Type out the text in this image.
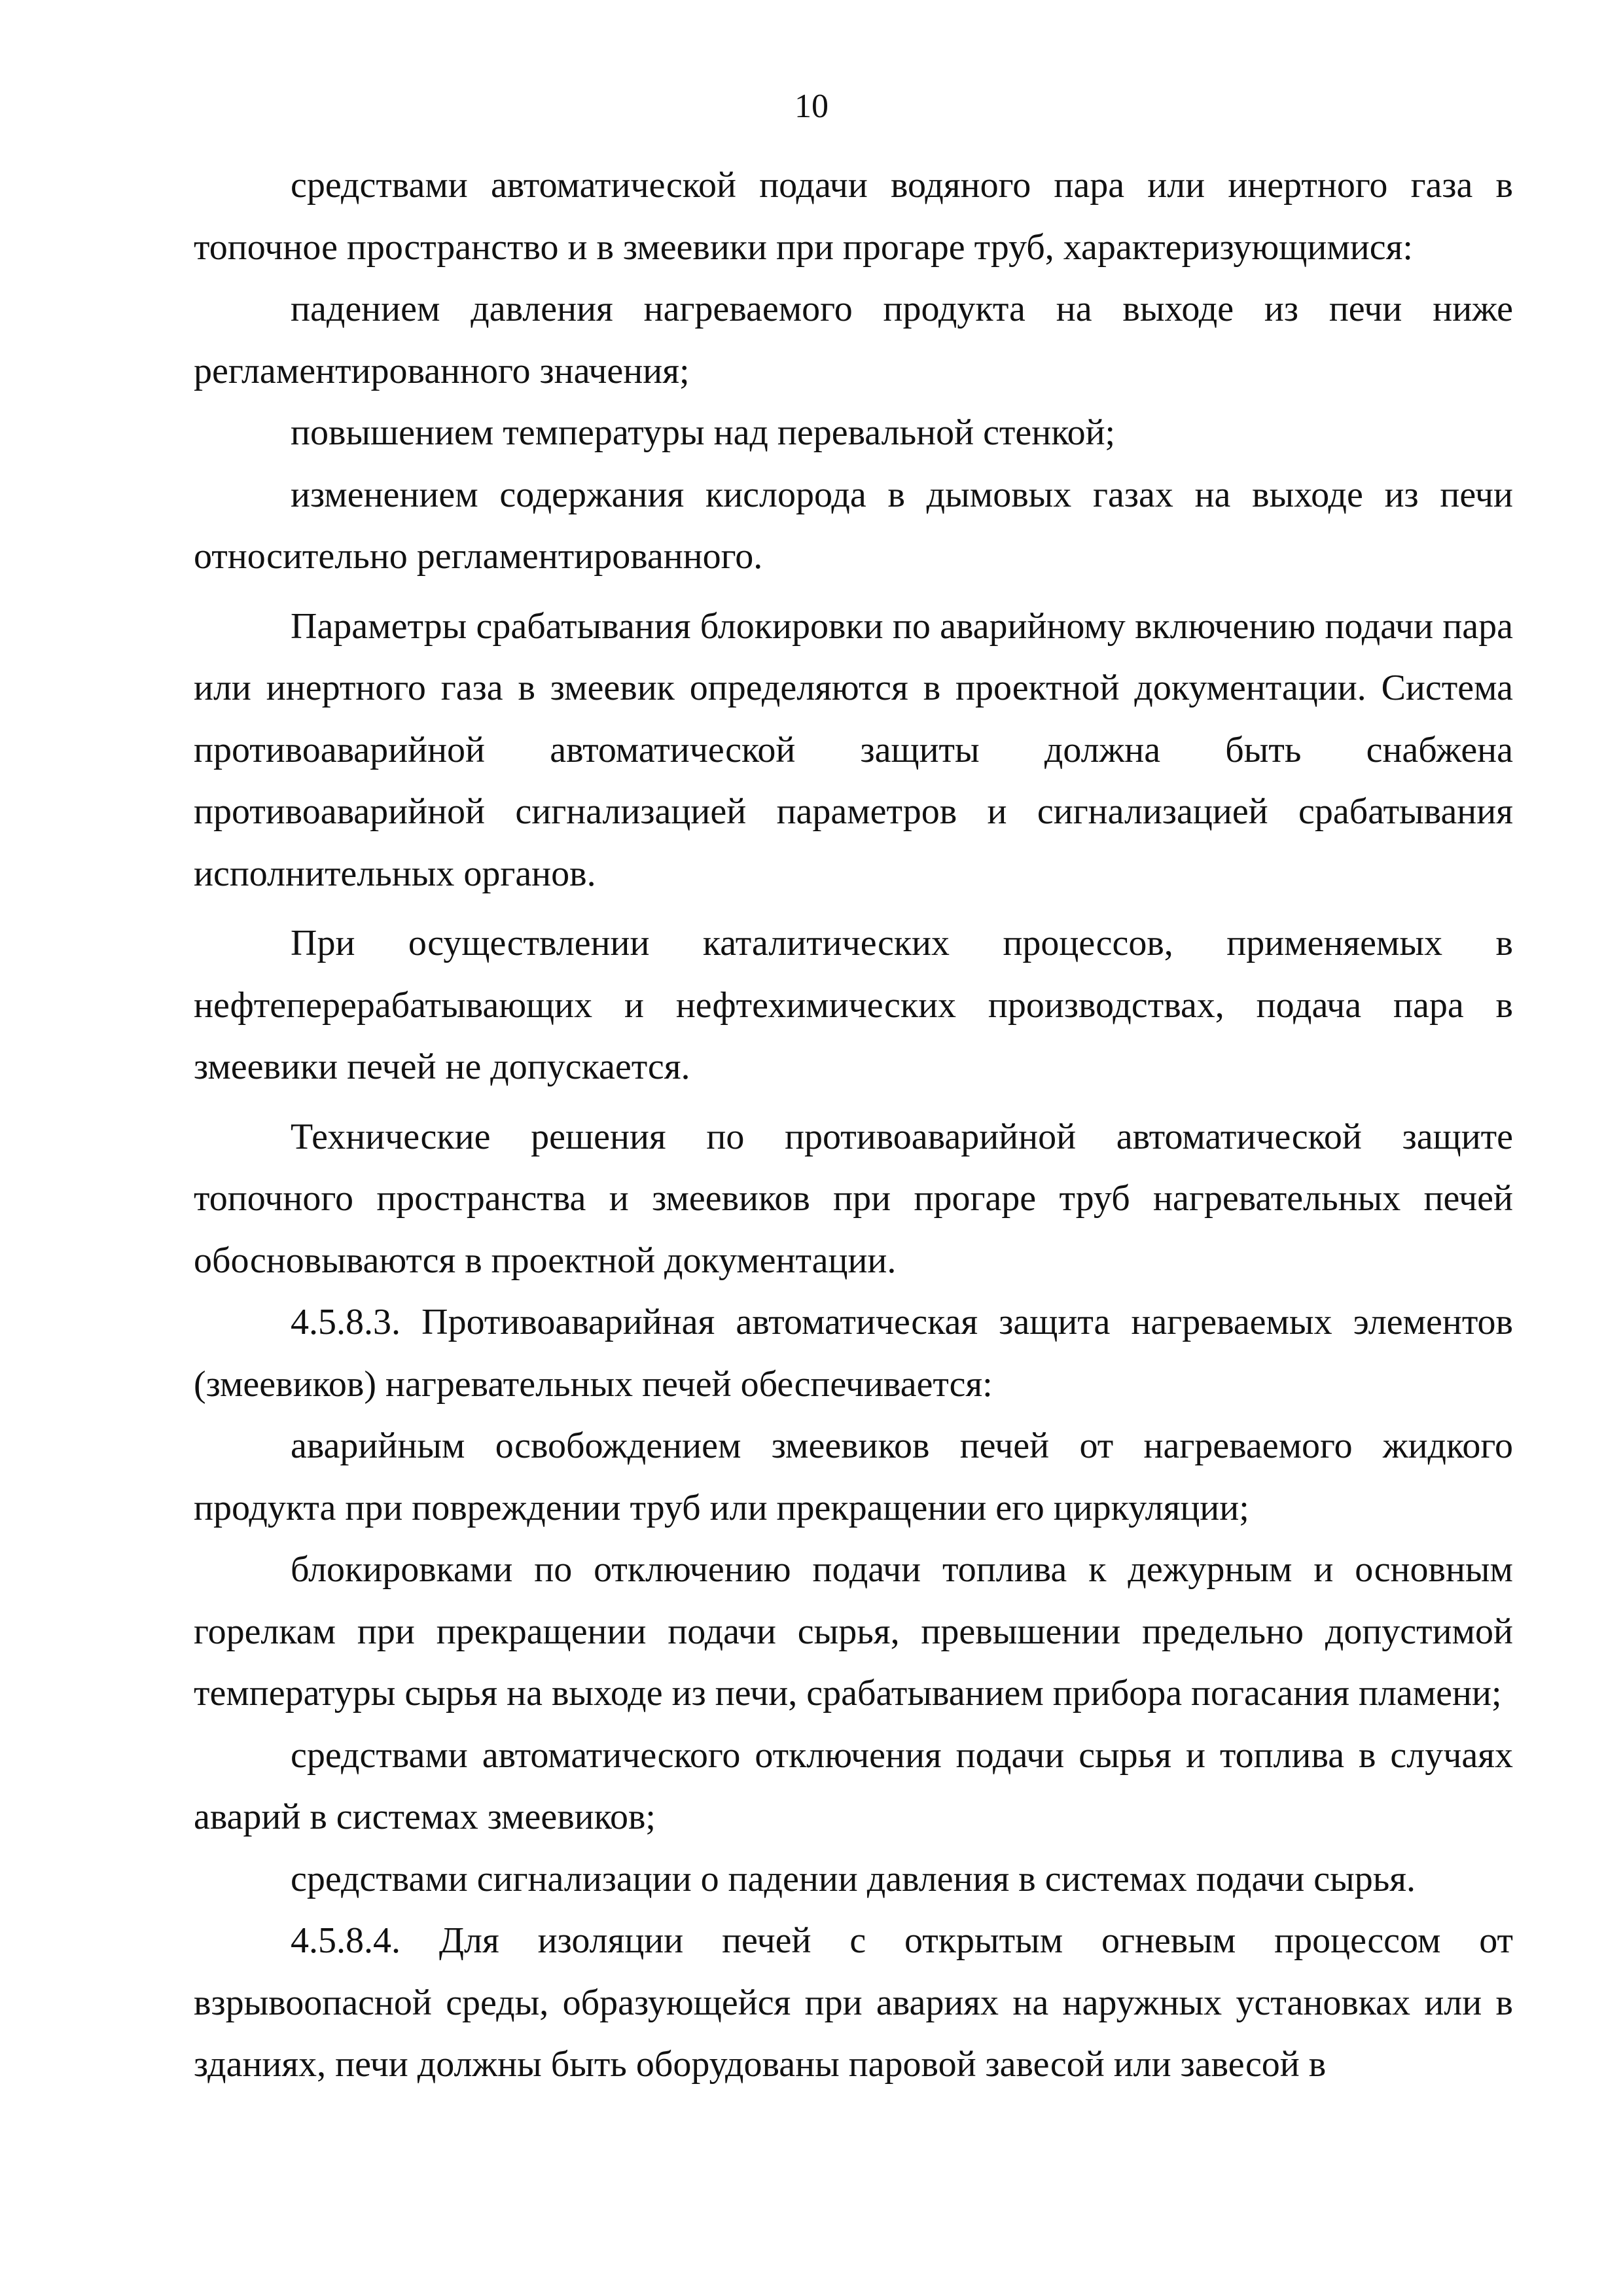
10

средствами автоматической подачи водяного пара или инертного газа в топочное пространство и в змеевики при прогаре труб, характеризующимися:

падением давления нагреваемого продукта на выходе из печи ниже регламентированного значения;

повышением температуры над перевальной стенкой;

изменением содержания кислорода в дымовых газах на выходе из печи относительно регламентированного.

Параметры срабатывания блокировки по аварийному включению подачи пара или инертного газа в змеевик определяются в проектной документации. Система противоаварийной автоматической защиты должна быть снабжена противоаварийной сигнализацией параметров и сигнализацией срабатывания исполнительных органов.

При осуществлении каталитических процессов, применяемых в нефтеперерабатывающих и нефтехимических производствах, подача пара в змеевики печей не допускается.

Технические решения по противоаварийной автоматической защите топочного пространства и змеевиков при прогаре труб нагревательных печей обосновываются в проектной документации.

4.5.8.3. Противоаварийная автоматическая защита нагреваемых элементов (змеевиков) нагревательных печей обеспечивается:

аварийным освобождением змеевиков печей от нагреваемого жидкого продукта при повреждении труб или прекращении его циркуляции;

блокировками по отключению подачи топлива к дежурным и основным горелкам при прекращении подачи сырья, превышении предельно допустимой температуры сырья на выходе из печи, срабатыванием прибора погасания пламени;

средствами автоматического отключения подачи сырья и топлива в случаях аварий в системах змеевиков;

средствами сигнализации о падении давления в системах подачи сырья.

4.5.8.4. Для изоляции печей с открытым огневым процессом от взрывоопасной среды, образующейся при авариях на наружных установках или в зданиях, печи должны быть оборудованы паровой завесой или завесой в
